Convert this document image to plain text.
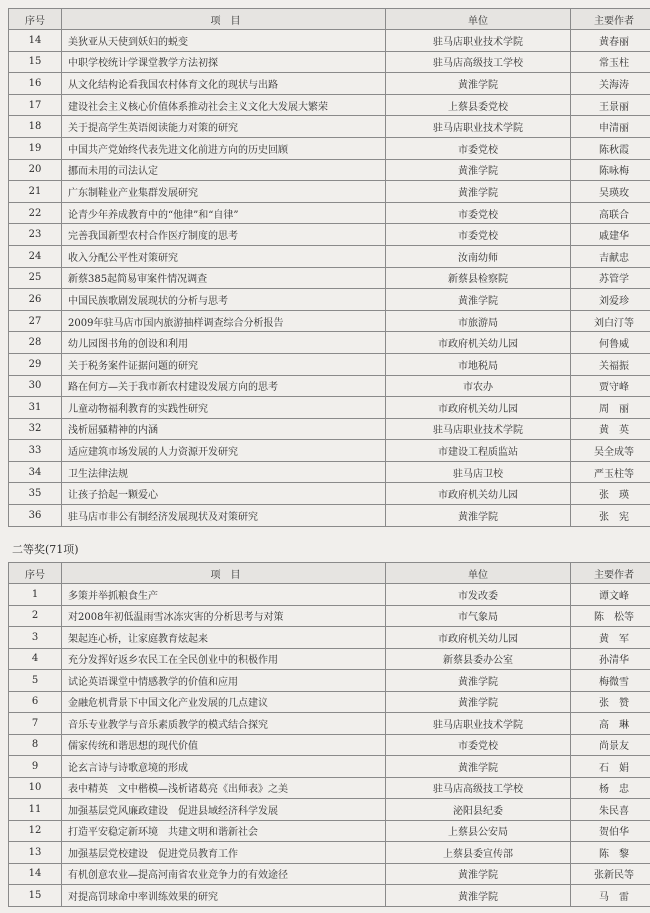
序号	项　目	单位	主要作者
14	美狄亚从天使到妖妇的蜕变	驻马店职业技术学院	黄春丽
15	中职学校统计学课堂教学方法初探	驻马店高级技工学校	常玉柱
16	从文化结构论看我国农村体育文化的现状与出路	黄淮学院	关海涛
17	建设社会主义核心价值体系推动社会主义文化大发展大繁荣	上蔡县委党校	王景丽
18	关于提高学生英语阅读能力对策的研究	驻马店职业技术学院	申清丽
19	中国共产党始终代表先进文化前进方向的历史回顾	市委党校	陈秋霞
20	挪而未用的司法认定	黄淮学院	陈咏梅
21	广东制鞋业产业集群发展研究	黄淮学院	吴瑛玫
22	论青少年养成教育中的“他律”和“自律”	市委党校	高联合
23	完善我国新型农村合作医疗制度的思考	市委党校	戚建华
24	收入分配公平性对策研究	汝南幼师	吉献忠
25	新蔡385起简易审案件情况调查	新蔡县检察院	苏管学
26	中国民族歌剧发展现状的分析与思考	黄淮学院	刘爱珍
27	2009年驻马店市国内旅游抽样调查综合分析报告	市旅游局	刘白汀等
28	幼儿园图书角的创设和利用	市政府机关幼儿园	何鲁威
29	关于税务案件证据问题的研究	市地税局	关福振
30	路在何方—关于我市新农村建设发展方向的思考	市农办	贾守峰
31	儿童动物福利教育的实践性研究	市政府机关幼儿园	周　丽
32	浅析屈骚精神的内涵	驻马店职业技术学院	黄　英
33	适应建筑市场发展的人力资源开发研究	市建设工程质监站	吴全成等
34	卫生法律法规	驻马店卫校	严玉柱等
35	让孩子拾起一颗爱心	市政府机关幼儿园	张　瑛
36	驻马店市非公有制经济发展现状及对策研究	黄淮学院	张　宪

二等奖(71项)

序号	项　目	单位	主要作者
1	多策并举抓粮食生产	市发改委	谭文峰
2	对2008年初低温雨雪冰冻灾害的分析思考与对策	市气象局	陈　松等
3	架起连心桥，让家庭教育炫起来	市政府机关幼儿园	黄　军
4	充分发挥好返乡农民工在全民创业中的积极作用	新蔡县委办公室	孙清华
5	试论英语课堂中情感教学的价值和应用	黄淮学院	梅微雪
6	金融危机背景下中国文化产业发展的几点建议	黄淮学院	张　赞
7	音乐专业教学与音乐素质教学的模式结合探究	驻马店职业技术学院	高　琳
8	儒家传统和谐思想的现代价值	市委党校	尚景友
9	论玄言诗与诗歌意境的形成	黄淮学院	石　娟
10	表中精英　文中楷模—浅析诸葛亮《出师表》之美	驻马店高级技工学校	杨　忠
11	加强基层党风廉政建设　促进县域经济科学发展	泌阳县纪委	朱民喜
12	打造平安稳定新环境　共建文明和谐新社会	上蔡县公安局	贺伯华
13	加强基层党校建设　促进党员教育工作	上蔡县委宣传部	陈　黎
14	有机创意农业—提高河南省农业竞争力的有效途径	黄淮学院	张新民等
15	对提高罚球命中率训练效果的研究	黄淮学院	马　雷
